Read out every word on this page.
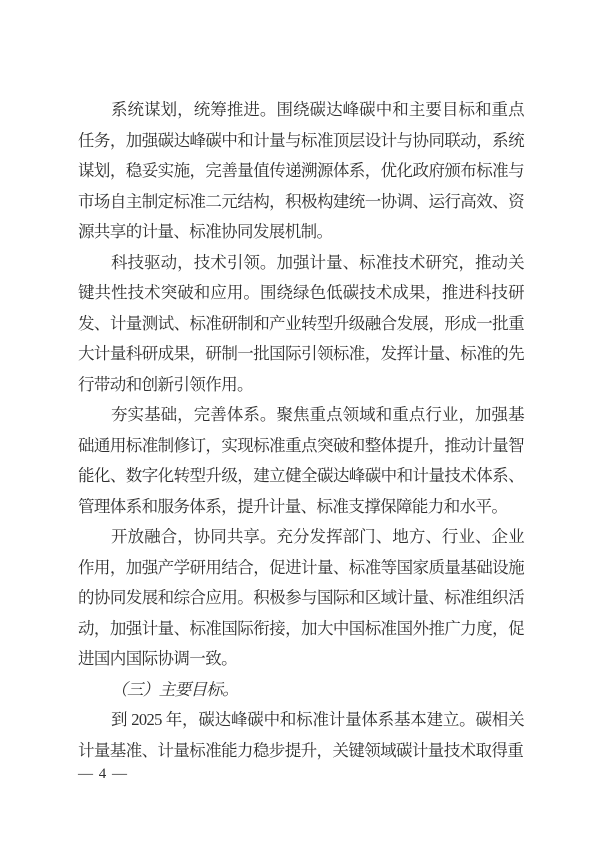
系统谋划，统筹推进。围绕碳达峰碳中和主要目标和重点任务，加强碳达峰碳中和计量与标准顶层设计与协同联动，系统谋划，稳妥实施，完善量值传递溯源体系，优化政府颁布标准与市场自主制定标准二元结构，积极构建统一协调、运行高效、资源共享的计量、标准协同发展机制。

科技驱动，技术引领。加强计量、标准技术研究，推动关键共性技术突破和应用。围绕绿色低碳技术成果，推进科技研发、计量测试、标准研制和产业转型升级融合发展，形成一批重大计量科研成果，研制一批国际引领标准，发挥计量、标准的先行带动和创新引领作用。

夯实基础，完善体系。聚焦重点领域和重点行业，加强基础通用标准制修订，实现标准重点突破和整体提升，推动计量智能化、数字化转型升级，建立健全碳达峰碳中和计量技术体系、管理体系和服务体系，提升计量、标准支撑保障能力和水平。

开放融合，协同共享。充分发挥部门、地方、行业、企业作用，加强产学研用结合，促进计量、标准等国家质量基础设施的协同发展和综合应用。积极参与国际和区域计量、标准组织活动，加强计量、标准国际衔接，加大中国标准国外推广力度，促进国内国际协调一致。

（三）主要目标。

到 2025 年，碳达峰碳中和标准计量体系基本建立。碳相关计量基准、计量标准能力稳步提升，关键领域碳计量技术取得重

— 4 —
